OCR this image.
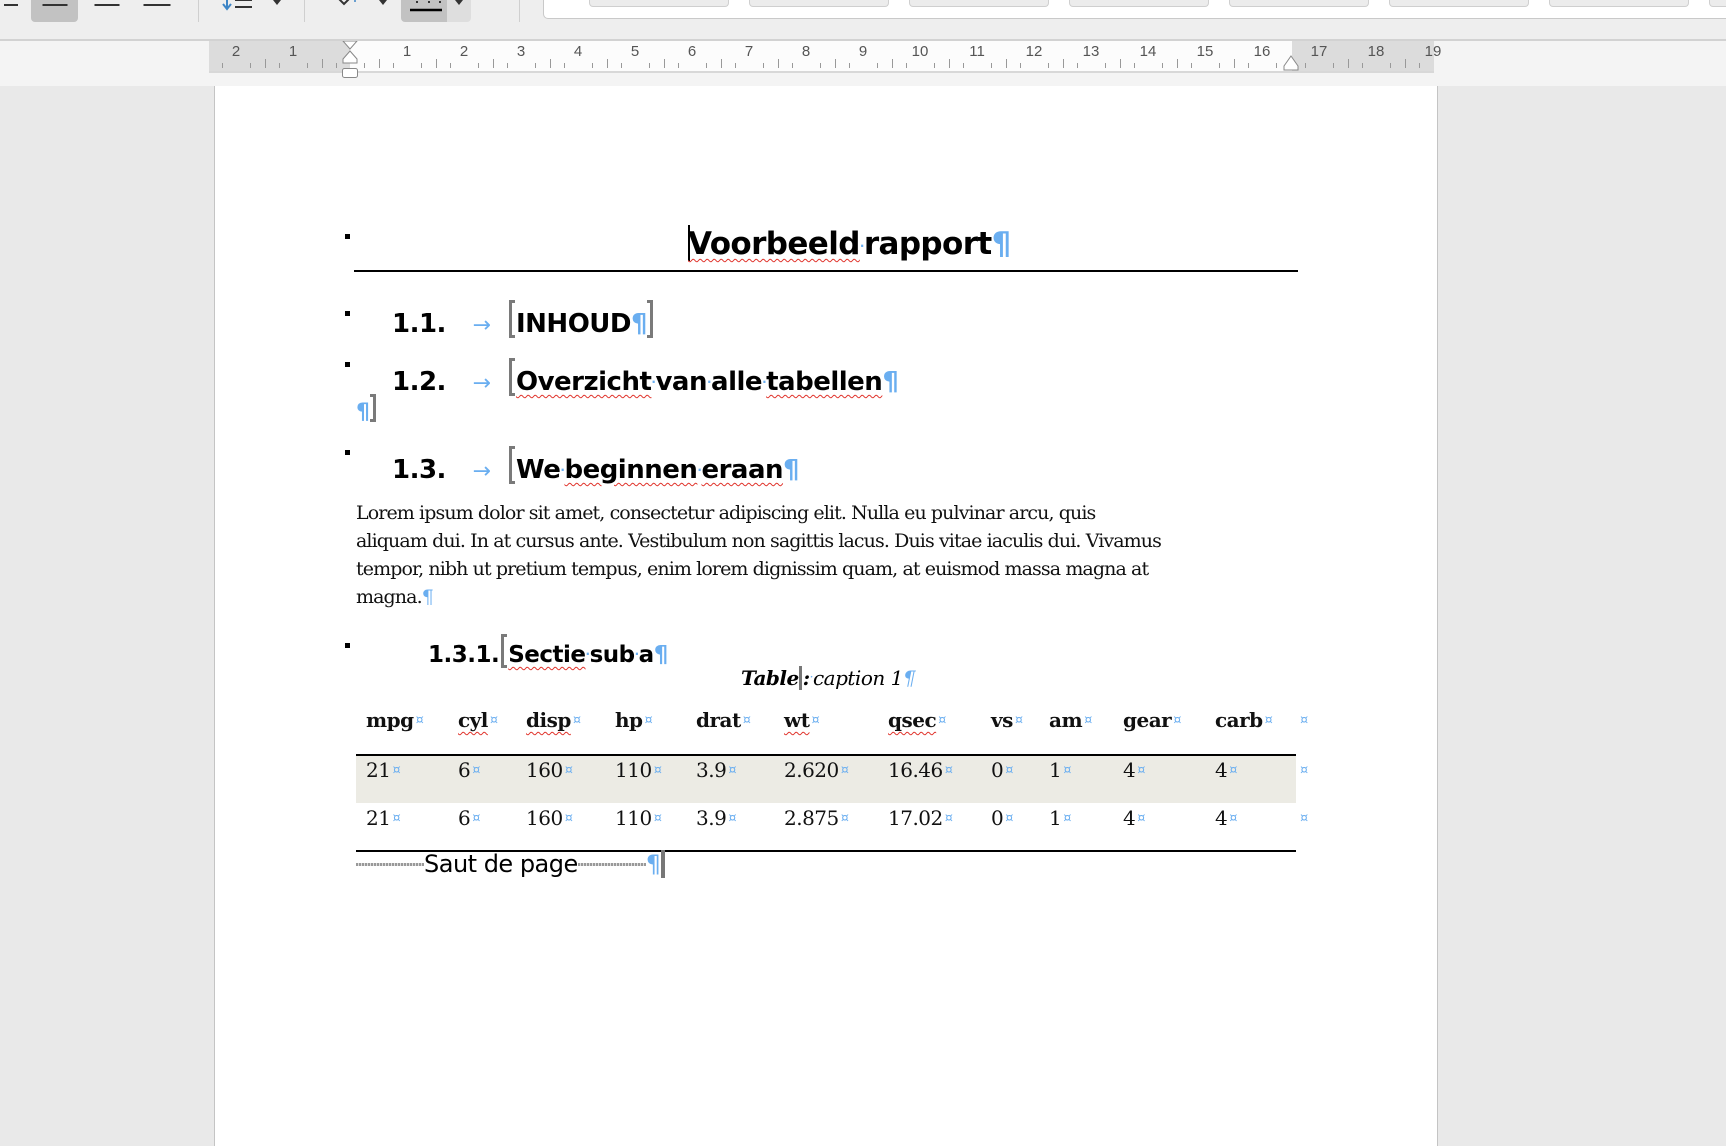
2	1	1	2	3	4	5	6	7	8	9	10	11	12	13	14	15	16	17	18	19
Voorbeeld·rapport¶
1.1. → INHOUD¶
1.2. → Overzicht·van·alle·tabellen¶
¶
1.3. → We·beginnen·eraan¶
Lorem ipsum dolor sit amet, consectetur adipiscing elit. Nulla eu pulvinar arcu, quis
aliquam dui. In at cursus ante. Vestibulum non sagittis lacus. Duis vitae iaculis dui. Vivamus
tempor, nibh ut pretium tempus, enim lorem dignissim quam, at euismod massa magna at
magna.¶
1.3.1. Sectie·sub·a¶
Table :·caption 1¶
Saut de page	¶
mpg ¤ cyl ¤ disp ¤ hp ¤ drat ¤ wt ¤	qsec ¤ vs ¤ am ¤ gear ¤ carb ¤ ¤
21 ¤	6 ¤ 160 ¤ 110 ¤ 3.9 ¤ 2.620 ¤ 16.46 ¤ 0 ¤ 1 ¤	4 ¤	4 ¤	¤
21 ¤	6 ¤ 160 ¤ 110 ¤ 3.9 ¤ 2.875 ¤ 17.02 ¤ 0 ¤ 1 ¤	4 ¤	4 ¤	¤
